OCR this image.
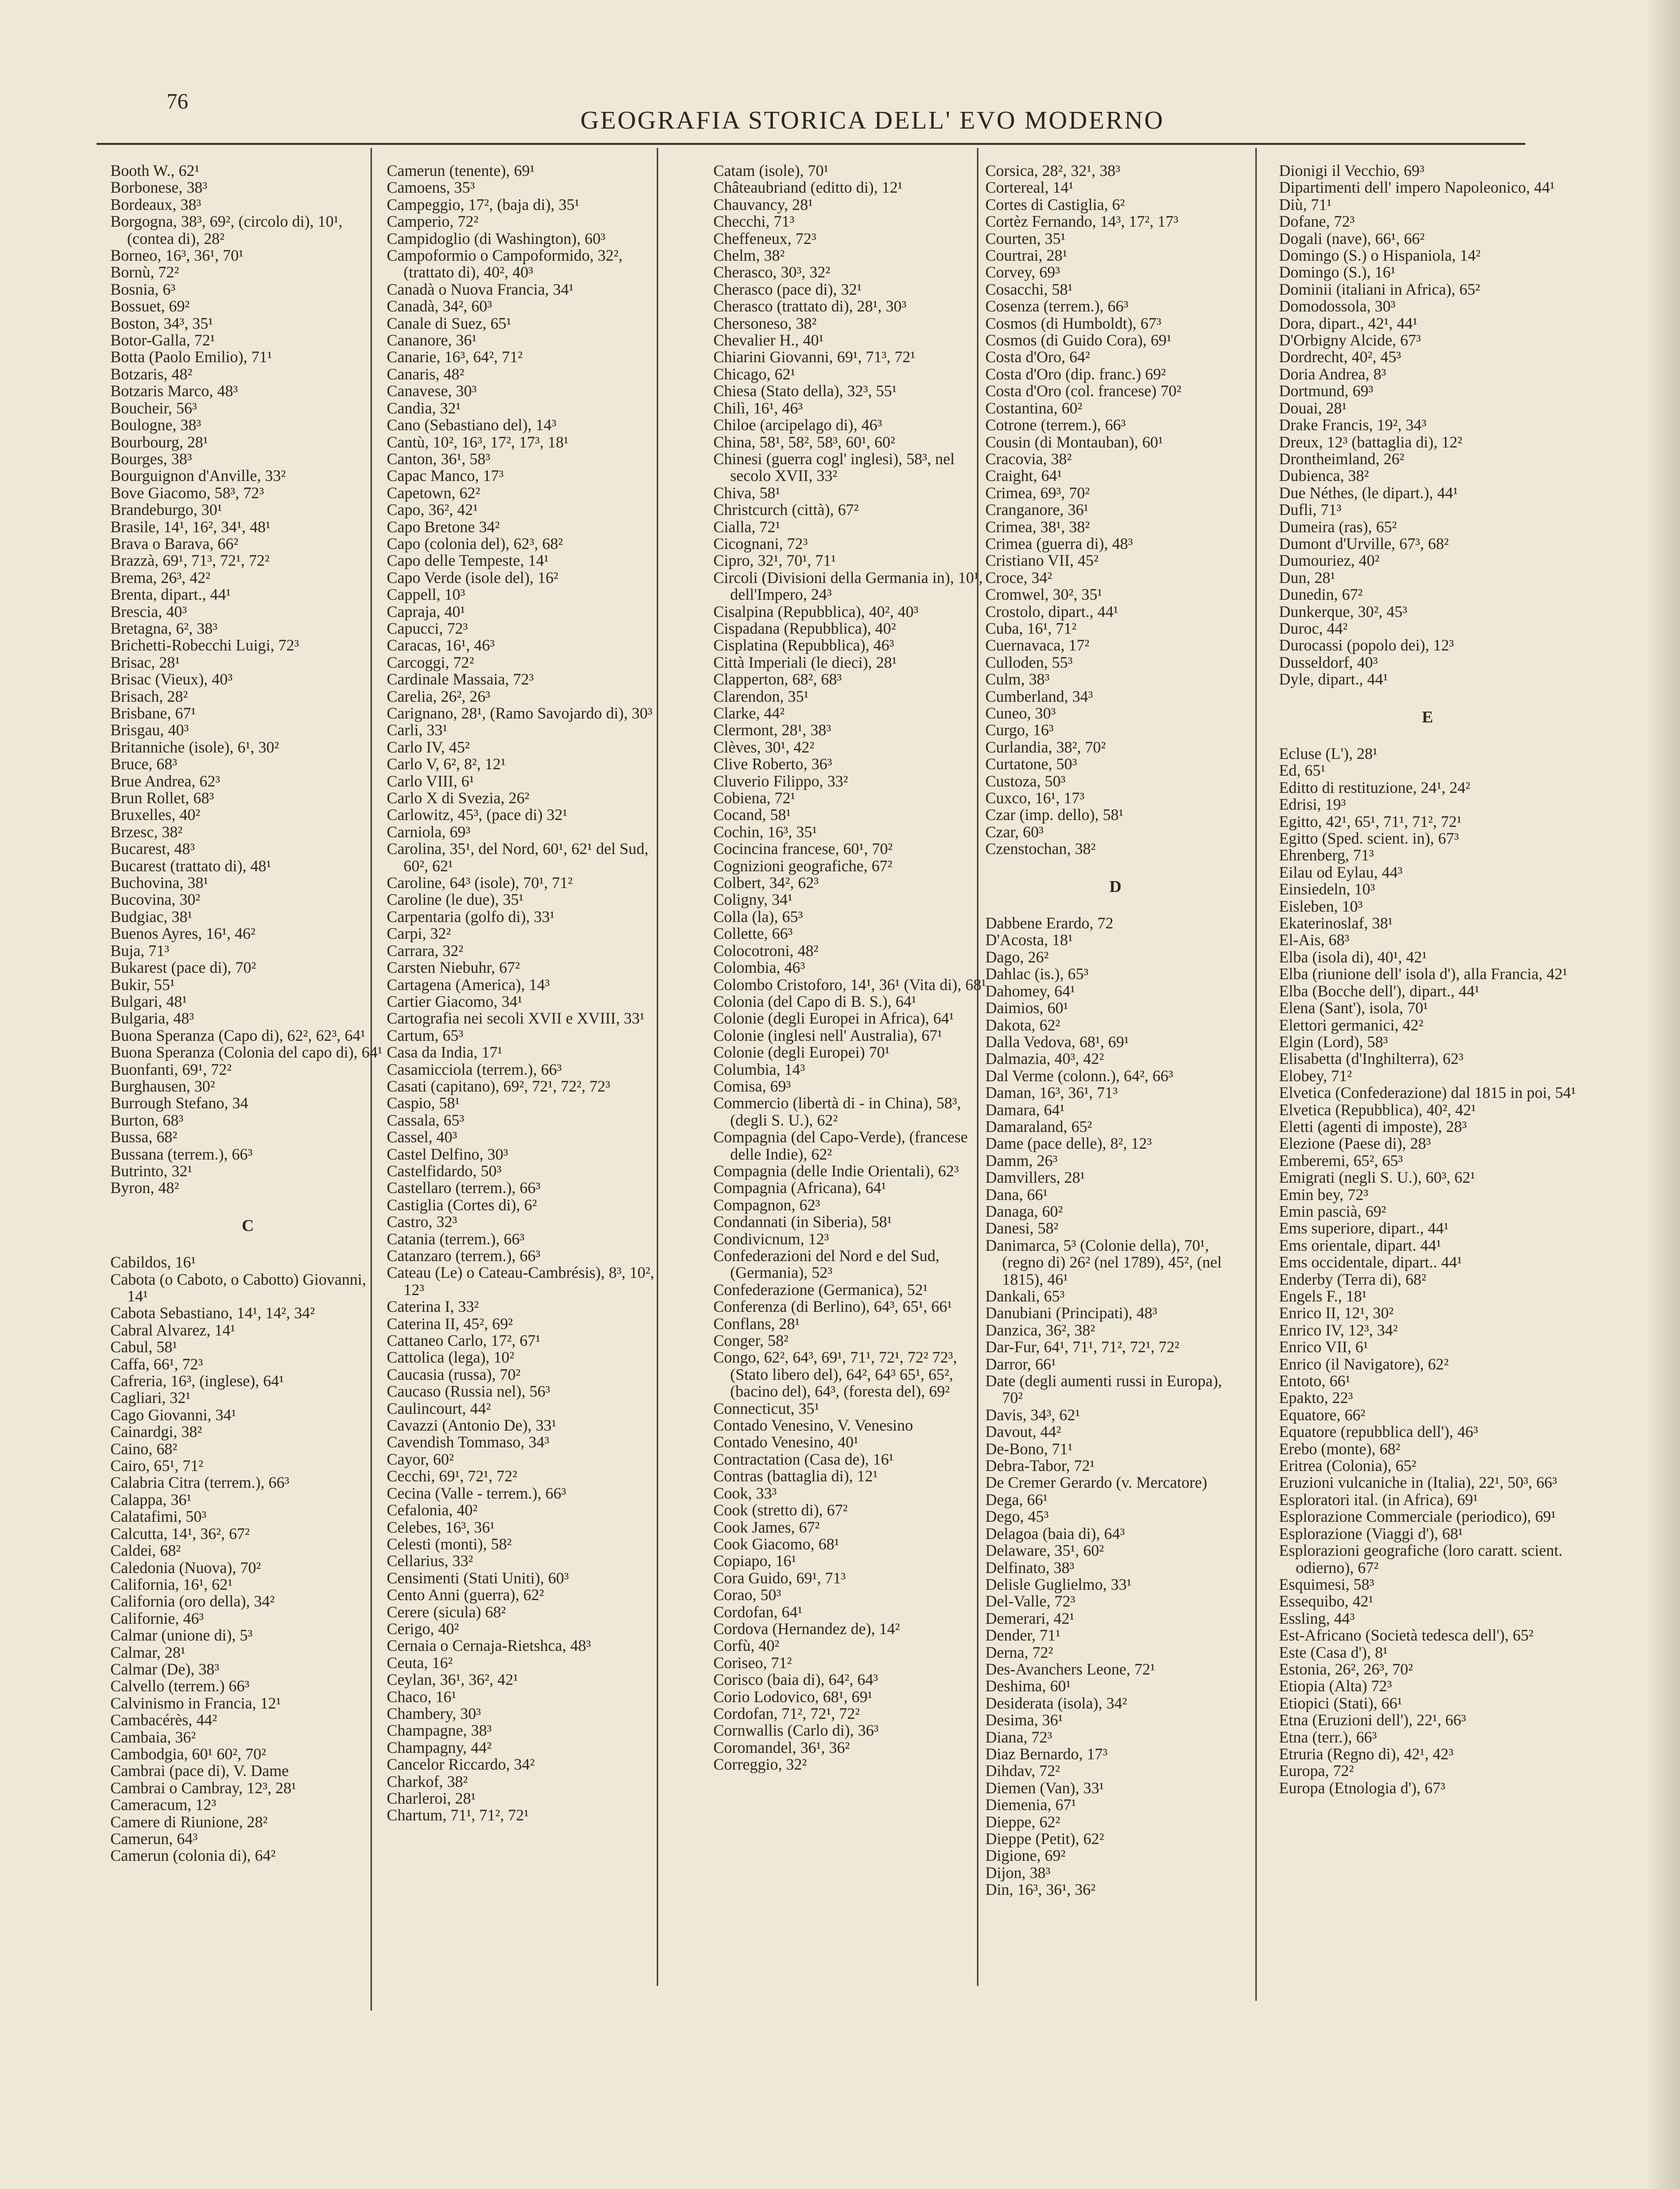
76
GEOGRAFIA STORICA DELL' EVO MODERNO
Booth W., 62¹
Borbonese, 38³
Bordeaux, 38³
Borgogna, 38³, 69², (circolo di), 10¹, (contea di), 28²
Borneo, 16³, 36¹, 70¹
Bornù, 72²
Bosnia, 6³
Bossuet, 69²
Boston, 34³, 35¹
Botor-Galla, 72¹
Botta (Paolo Emilio), 71¹
Botzaris, 48²
Botzaris Marco, 48³
Boucheir, 56³
Boulogne, 38³
Bourbourg, 28¹
Bourges, 38³
Bourguignon d'Anville, 33²
Bove Giacomo, 58³, 72³
Brandeburgo, 30¹
Brasile, 14¹, 16², 34¹, 48¹
Brava o Barava, 66²
Brazzà, 69¹, 71³, 72¹, 72²
Brema, 26³, 42²
Brenta, dipart., 44¹
Brescia, 40³
Bretagna, 6², 38³
Brichetti-Robecchi Luigi, 72³
Brisac, 28¹
Brisac (Vieux), 40³
Brisach, 28²
Brisbane, 67¹
Brisgau, 40³
Britanniche (isole), 6¹, 30²
Bruce, 68³
Brue Andrea, 62³
Brun Rollet, 68³
Bruxelles, 40²
Brzesc, 38²
Bucarest, 48³
Bucarest (trattato di), 48¹
Buchovina, 38¹
Bucovina, 30²
Budgiac, 38¹
Buenos Ayres, 16¹, 46²
Buja, 71³
Bukarest (pace di), 70²
Bukir, 55¹
Bulgari, 48¹
Bulgaria, 48³
Buona Speranza (Capo di), 62², 62³, 64¹
Buona Speranza (Colonia del capo di), 64¹
Buonfanti, 69¹, 72²
Burghausen, 30²
Burrough Stefano, 34
Burton, 68³
Bussa, 68²
Bussana (terrem.), 66³
Butrinto, 32¹
Byron, 48²
C
Cabildos, 16¹
Cabota (o Caboto, o Cabotto) Giovanni, 14¹
Cabota Sebastiano, 14¹, 14², 34²
Cabral Alvarez, 14¹
Cabul, 58¹
Caffa, 66¹, 72³
Cafreria, 16³, (inglese), 64¹
Cagliari, 32¹
Cago Giovanni, 34¹
Cainardgi, 38²
Caino, 68²
Cairo, 65¹, 71²
Calabria Citra (terrem.), 66³
Calappa, 36¹
Calatafimi, 50³
Calcutta, 14¹, 36², 67²
Caldei, 68²
Caledonia (Nuova), 70²
California, 16¹, 62¹
California (oro della), 34²
Californie, 46³
Calmar (unione di), 5³
Calmar, 28¹
Calmar (De), 38³
Calvello (terrem.) 66³
Calvinismo in Francia, 12¹
Cambacérès, 44²
Cambaia, 36²
Cambodgia, 60¹ 60², 70²
Cambrai (pace di), V. Dame
Cambrai o Cambray, 12³, 28¹
Cameracum, 12³
Camere di Riunione, 28²
Camerun, 64³
Camerun (colonia di), 64²
Camerun (tenente), 69¹
Camoens, 35³
Campeggio, 17², (baja di), 35¹
Camperio, 72²
Campidoglio (di Washington), 60³
Campoformio o Campoformido, 32², (trattato di), 40², 40³
Canadà o Nuova Francia, 34¹
Canadà, 34², 60³
Canale di Suez, 65¹
Cananore, 36¹
Canarie, 16³, 64², 71²
Canaris, 48²
Canavese, 30³
Candia, 32¹
Cano (Sebastiano del), 14³
Cantù, 10², 16³, 17², 17³, 18¹
Canton, 36¹, 58³
Capac Manco, 17³
Capetown, 62²
Capo, 36², 42¹
Capo Bretone 34²
Capo (colonia del), 62³, 68²
Capo delle Tempeste, 14¹
Capo Verde (isole del), 16²
Cappell, 10³
Capraja, 40¹
Capucci, 72³
Caracas, 16¹, 46³
Carcoggi, 72²
Cardinale Massaia, 72³
Carelia, 26², 26³
Carignano, 28¹, (Ramo Savojardo di), 30³
Carli, 33¹
Carlo IV, 45²
Carlo V, 6², 8², 12¹
Carlo VIII, 6¹
Carlo X di Svezia, 26²
Carlowitz, 45³, (pace di) 32¹
Carniola, 69³
Carolina, 35¹, del Nord, 60¹, 62¹ del Sud, 60², 62¹
Caroline, 64³ (isole), 70¹, 71²
Caroline (le due), 35¹
Carpentaria (golfo di), 33¹
Carpi, 32²
Carrara, 32²
Carsten Niebuhr, 67²
Cartagena (America), 14³
Cartier Giacomo, 34¹
Cartografia nei secoli XVII e XVIII, 33¹
Cartum, 65³
Casa da India, 17¹
Casamicciola (terrem.), 66³
Casati (capitano), 69², 72¹, 72², 72³
Caspio, 58¹
Cassala, 65³
Cassel, 40³
Castel Delfino, 30³
Castelfidardo, 50³
Castellaro (terrem.), 66³
Castiglia (Cortes di), 6²
Castro, 32³
Catania (terrem.), 66³
Catanzaro (terrem.), 66³
Cateau (Le) o Cateau-Cambrésis), 8³, 10², 12³
Caterina I, 33²
Caterina II, 45², 69²
Cattaneo Carlo, 17², 67¹
Cattolica (lega), 10²
Caucasia (russa), 70²
Caucaso (Russia nel), 56³
Caulincourt, 44²
Cavazzi (Antonio De), 33¹
Cavendish Tommaso, 34³
Cayor, 60²
Cecchi, 69¹, 72¹, 72²
Cecina (Valle - terrem.), 66³
Cefalonia, 40²
Celebes, 16³, 36¹
Celesti (monti), 58²
Cellarius, 33²
Censimenti (Stati Uniti), 60³
Cento Anni (guerra), 62²
Cerere (sicula) 68²
Cerigo, 40²
Cernaia o Cernaja-Rietshca, 48³
Ceuta, 16²
Ceylan, 36¹, 36², 42¹
Chaco, 16¹
Chambery, 30³
Champagne, 38³
Champagny, 44²
Cancelor Riccardo, 34²
Charkof, 38²
Charleroi, 28¹
Chartum, 71¹, 71², 72¹
Catam (isole), 70¹
Châteaubriand (editto di), 12¹
Chauvancy, 28¹
Checchi, 71³
Cheffeneux, 72³
Chelm, 38²
Cherasco, 30³, 32²
Cherasco (pace di), 32¹
Cherasco (trattato di), 28¹, 30³
Chersoneso, 38²
Chevalier H., 40¹
Chiarini Giovanni, 69¹, 71³, 72¹
Chicago, 62¹
Chiesa (Stato della), 32³, 55¹
Chilì, 16¹, 46³
Chiloe (arcipelago di), 46³
China, 58¹, 58², 58³, 60¹, 60²
Chinesi (guerra cogl' inglesi), 58³, nel secolo XVII, 33²
Chiva, 58¹
Christcurch (città), 67²
Cialla, 72¹
Cicognani, 72³
Cipro, 32¹, 70¹, 71¹
Circoli (Divisioni della Germania in), 10¹, dell'Impero, 24³
Cisalpina (Repubblica), 40², 40³
Cispadana (Repubblica), 40²
Cisplatina (Repubblica), 46³
Città Imperiali (le dieci), 28¹
Clapperton, 68², 68³
Clarendon, 35¹
Clarke, 44²
Clermont, 28¹, 38³
Clèves, 30¹, 42²
Clive Roberto, 36³
Cluverio Filippo, 33²
Cobiena, 72¹
Cocand, 58¹
Cochin, 16³, 35¹
Cocincina francese, 60¹, 70²
Cognizioni geografiche, 67²
Colbert, 34², 62³
Coligny, 34¹
Colla (la), 65³
Collette, 66³
Colocotroni, 48²
Colombia, 46³
Colombo Cristoforo, 14¹, 36¹ (Vita di), 68¹
Colonia (del Capo di B. S.), 64¹
Colonie (degli Europei in Africa), 64¹
Colonie (inglesi nell' Australia), 67¹
Colonie (degli Europei) 70¹
Columbia, 14³
Comisa, 69³
Commercio (libertà di - in China), 58³, (degli S. U.), 62²
Compagnia (del Capo-Verde), (francese delle Indie), 62²
Compagnia (delle Indie Orientali), 62³
Compagnia (Africana), 64¹
Compagnon, 62³
Condannati (in Siberia), 58¹
Condivicnum, 12³
Confederazioni del Nord e del Sud, (Germania), 52³
Confederazione (Germanica), 52¹
Conferenza (di Berlino), 64³, 65¹, 66¹
Conflans, 28¹
Conger, 58²
Congo, 62², 64³, 69¹, 71¹, 72¹, 72² 72³, (Stato libero del), 64², 64³ 65¹, 65², (bacino del), 64³, (foresta del), 69²
Connecticut, 35¹
Contado Venesino, V. Venesino
Contado Venesino, 40¹
Contractation (Casa de), 16¹
Contras (battaglia di), 12¹
Cook, 33³
Cook (stretto di), 67²
Cook James, 67²
Cook Giacomo, 68¹
Copiapo, 16¹
Cora Guido, 69¹, 71³
Corao, 50³
Cordofan, 64¹
Cordova (Hernandez de), 14²
Corfù, 40²
Coriseo, 71²
Corisco (baia di), 64², 64³
Corio Lodovico, 68¹, 69¹
Cordofan, 71², 72¹, 72²
Cornwallis (Carlo di), 36³
Coromandel, 36¹, 36²
Correggio, 32²
Corsica, 28², 32¹, 38³
Cortereal, 14¹
Cortes di Castiglia, 6²
Cortèz Fernando, 14³, 17², 17³
Courten, 35¹
Courtrai, 28¹
Corvey, 69³
Cosacchi, 58¹
Cosenza (terrem.), 66³
Cosmos (di Humboldt), 67³
Cosmos (di Guido Cora), 69¹
Costa d'Oro, 64²
Costa d'Oro (dip. franc.) 69²
Costa d'Oro (col. francese) 70²
Costantina, 60²
Cotrone (terrem.), 66³
Cousin (di Montauban), 60¹
Cracovia, 38²
Craight, 64¹
Crimea, 69³, 70²
Cranganore, 36¹
Crimea, 38¹, 38²
Crimea (guerra di), 48³
Cristiano VII, 45²
Croce, 34²
Cromwel, 30², 35¹
Crostolo, dipart., 44¹
Cuba, 16¹, 71²
Cuernavaca, 17²
Culloden, 55³
Culm, 38³
Cumberland, 34³
Cuneo, 30³
Curgo, 16³
Curlandia, 38², 70²
Curtatone, 50³
Custoza, 50³
Cuxco, 16¹, 17³
Czar (imp. dello), 58¹
Czar, 60³
Czenstochan, 38²
D
Dabbene Erardo, 72
D'Acosta, 18¹
Dago, 26²
Dahlac (is.), 65³
Dahomey, 64¹
Daimios, 60¹
Dakota, 62²
Dalla Vedova, 68¹, 69¹
Dalmazia, 40³, 42²
Dal Verme (colonn.), 64², 66³
Daman, 16³, 36¹, 71³
Damara, 64¹
Damaraland, 65²
Dame (pace delle), 8², 12³
Damm, 26³
Damvillers, 28¹
Dana, 66¹
Danaga, 60²
Danesi, 58²
Danimarca, 5³ (Colonie della), 70¹, (regno di) 26² (nel 1789), 45², (nel 1815), 46¹
Dankali, 65³
Danubiani (Principati), 48³
Danzica, 36², 38²
Dar-Fur, 64¹, 71¹, 71², 72¹, 72²
Darror, 66¹
Date (degli aumenti russi in Europa), 70²
Davis, 34³, 62¹
Davout, 44²
De-Bono, 71¹
Debra-Tabor, 72¹
De Cremer Gerardo (v. Mercatore)
Dega, 66¹
Dego, 45³
Delagoa (baia di), 64³
Delaware, 35¹, 60²
Delfinato, 38³
Delisle Guglielmo, 33¹
Del-Valle, 72³
Demerari, 42¹
Dender, 71¹
Derna, 72²
Des-Avanchers Leone, 72¹
Deshima, 60¹
Desiderata (isola), 34²
Desima, 36¹
Diana, 72³
Diaz Bernardo, 17³
Dihdav, 72²
Diemen (Van), 33¹
Diemenia, 67¹
Dieppe, 62²
Dieppe (Petit), 62²
Digione, 69²
Dijon, 38³
Din, 16³, 36¹, 36²
Dionigi il Vecchio, 69³
Dipartimenti dell' impero Napoleonico, 44¹
Diù, 71¹
Dofane, 72³
Dogali (nave), 66¹, 66²
Domingo (S.) o Hispaniola, 14²
Domingo (S.), 16¹
Dominii (italiani in Africa), 65²
Domodossola, 30³
Dora, dipart., 42¹, 44¹
D'Orbigny Alcide, 67³
Dordrecht, 40², 45³
Doria Andrea, 8³
Dortmund, 69³
Douai, 28¹
Drake Francis, 19², 34³
Dreux, 12³ (battaglia di), 12²
Drontheimland, 26²
Dubienca, 38²
Due Néthes, (le dipart.), 44¹
Dufli, 71³
Dumeira (ras), 65²
Dumont d'Urville, 67³, 68²
Dumouriez, 40²
Dun, 28¹
Dunedin, 67²
Dunkerque, 30², 45³
Duroc, 44²
Durocassi (popolo dei), 12³
Dusseldorf, 40³
Dyle, dipart., 44¹
E
Ecluse (L'), 28¹
Ed, 65¹
Editto di restituzione, 24¹, 24²
Edrisi, 19³
Egitto, 42¹, 65¹, 71¹, 71², 72¹
Egitto (Sped. scient. in), 67³
Ehrenberg, 71³
Eilau od Eylau, 44³
Einsiedeln, 10³
Eisleben, 10³
Ekaterinoslaf, 38¹
El-Ais, 68³
Elba (isola di), 40¹, 42¹
Elba (riunione dell' isola d'), alla Francia, 42¹
Elba (Bocche dell'), dipart., 44¹
Elena (Sant'), isola, 70¹
Elettori germanici, 42²
Elgin (Lord), 58³
Elisabetta (d'Inghilterra), 62³
Elobey, 71²
Elvetica (Confederazione) dal 1815 in poi, 54¹
Elvetica (Repubblica), 40², 42¹
Eletti (agenti di imposte), 28³
Elezione (Paese di), 28³
Emberemi, 65², 65³
Emigrati (negli S. U.), 60³, 62¹
Emin bey, 72³
Emin pascià, 69²
Ems superiore, dipart., 44¹
Ems orientale, dipart. 44¹
Ems occidentale, dipart.. 44¹
Enderby (Terra di), 68²
Engels F., 18¹
Enrico II, 12¹, 30²
Enrico IV, 12³, 34²
Enrico VII, 6¹
Enrico (il Navigatore), 62²
Entoto, 66¹
Epakto, 22³
Equatore, 66²
Equatore (repubblica dell'), 46³
Erebo (monte), 68²
Eritrea (Colonia), 65²
Eruzioni vulcaniche in (Italia), 22¹, 50³, 66³
Esploratori ital. (in Africa), 69¹
Esplorazione Commerciale (periodico), 69¹
Esplorazione (Viaggi d'), 68¹
Esplorazioni geografiche (loro caratt. scient. odierno), 67²
Esquimesi, 58³
Essequibo, 42¹
Essling, 44³
Est-Africano (Società tedesca dell'), 65²
Este (Casa d'), 8¹
Estonia, 26², 26³, 70²
Etiopia (Alta) 72³
Etiopici (Stati), 66¹
Etna (Eruzioni dell'), 22¹, 66³
Etna (terr.), 66³
Etruria (Regno di), 42¹, 42³
Europa, 72²
Europa (Etnologia d'), 67³
